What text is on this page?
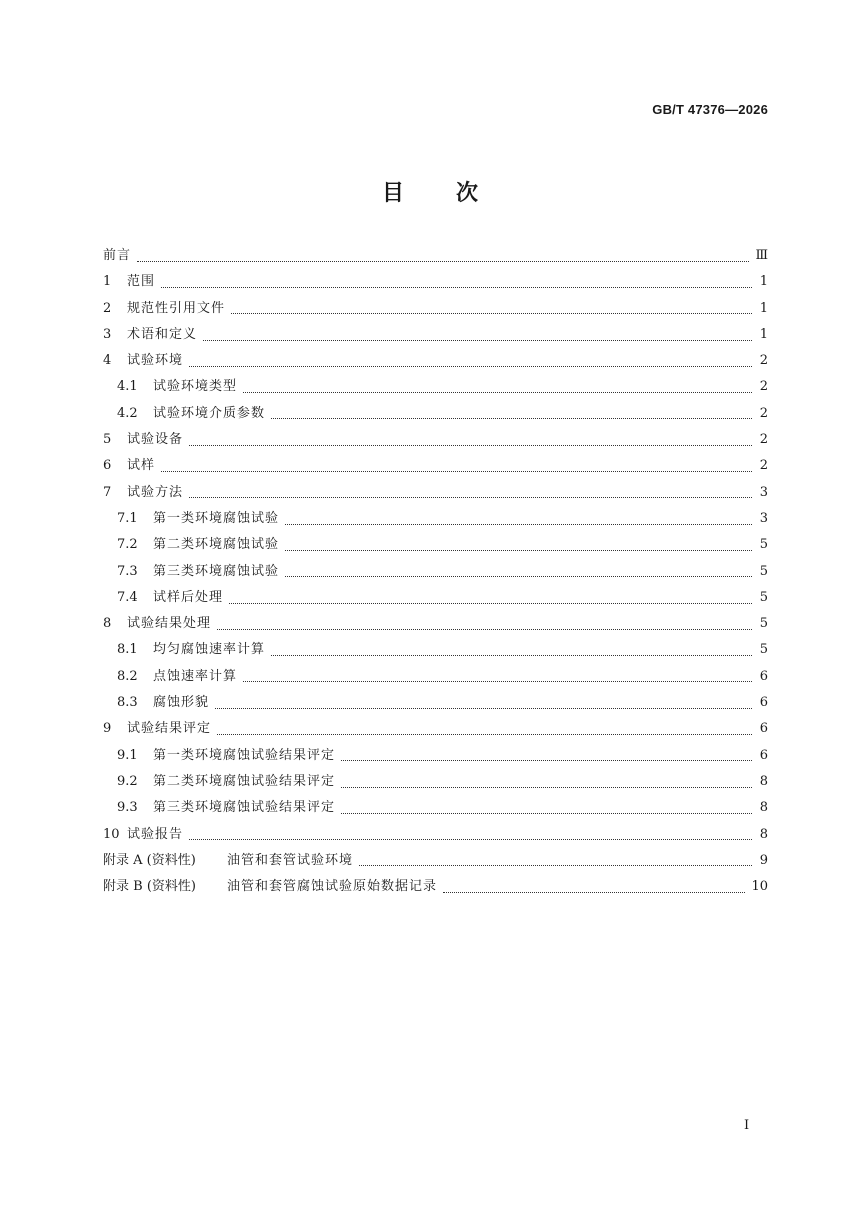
GB/T 47376—2026
目 次
前言	Ⅲ
1	范围	1
2	规范性引用文件	1
3	术语和定义	1
4	试验环境	2
4.1	试验环境类型	2
4.2	试验环境介质参数	2
5	试验设备	2
6	试样	2
7	试验方法	3
7.1	第一类环境腐蚀试验	3
7.2	第二类环境腐蚀试验	5
7.3	第三类环境腐蚀试验	5
7.4	试样后处理	5
8	试验结果处理	5
8.1	均匀腐蚀速率计算	5
8.2	点蚀速率计算	6
8.3	腐蚀形貌	6
9	试验结果评定	6
9.1	第一类环境腐蚀试验结果评定	6
9.2	第二类环境腐蚀试验结果评定	8
9.3	第三类环境腐蚀试验结果评定	8
10 试验报告	8
附录 A (资料性)	油管和套管试验环境	9
附录 B (资料性)	油管和套管腐蚀试验原始数据记录	10
I
